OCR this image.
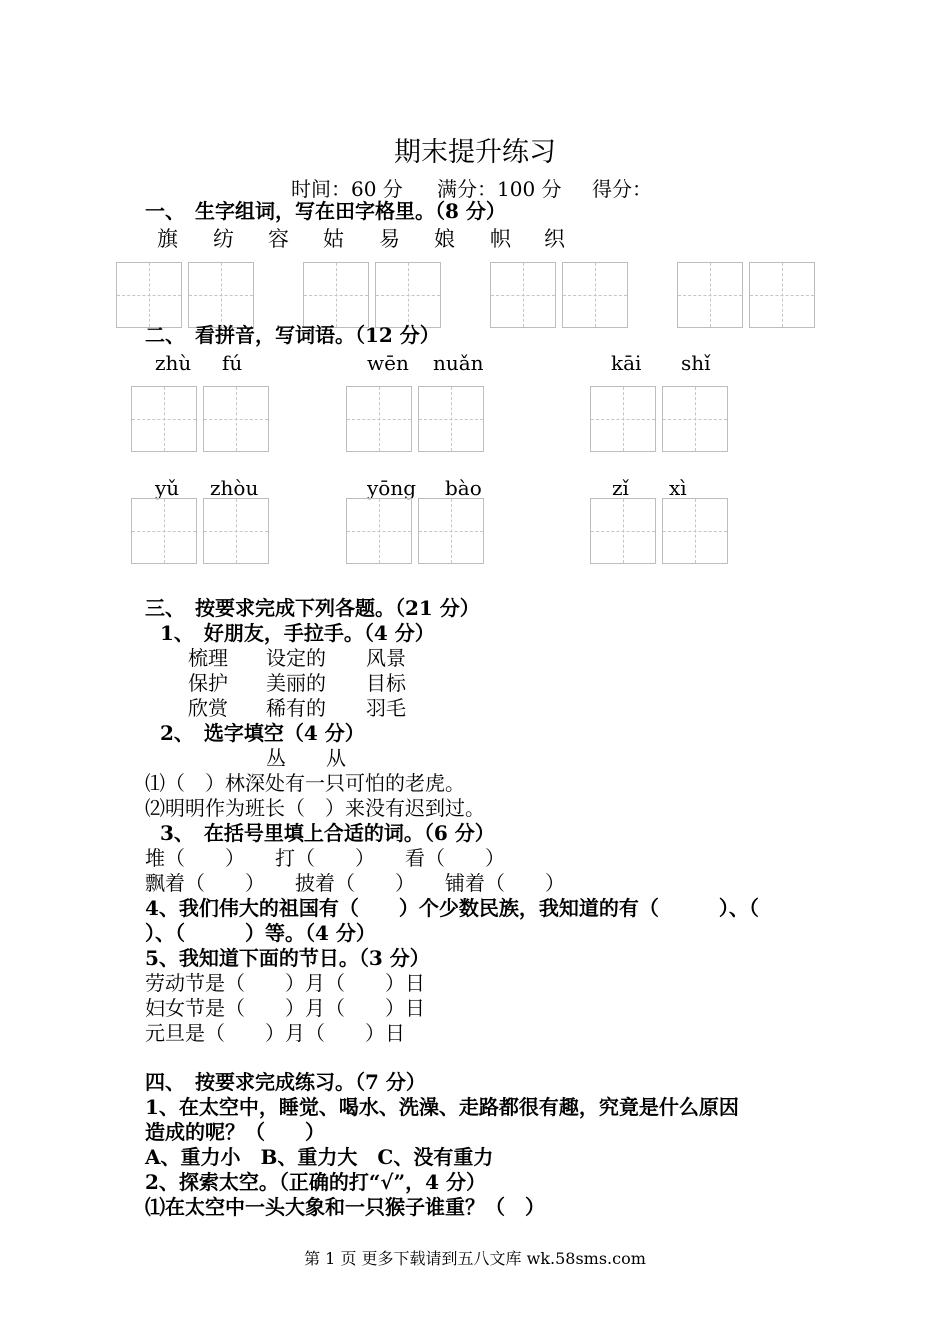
期末提升练习
时间：60 分 满分：100 分 得分：
一、　生字组词，写在田字格里。（8 分）
旗 纺 容 姑 易 娘 帜 织
二、　看拼音，写词语。（12 分）
zhù fú	wēn nuǎn	kāi shǐ
yǔ zhòu	yōng bào	zǐ xì
三、　按要求完成下列各题。（21 分）
1、　好朋友，手拉手。（4 分）
梳理 设定的 风景
保护 美丽的 目标
欣赏 稀有的 羽毛
2、　选字填空（4 分）
丛　　从
⑴（　）林深处有一只可怕的老虎。
⑵明明作为班长（　）来没有迟到过。
3、　在括号里填上合适的词。（6 分）
堆（　　）　　打（　　）　　看（　　）
飘着（　　）　　披着（　　）　　铺着（　　）
4、我们伟大的祖国有（　　）个少数民族，我知道的有（　　　）、（
）、（　　　）等。（4 分）
5、我知道下面的节日。（3 分）
劳动节是（　　）月（　　）日
妇女节是（　　）月（　　）日
元旦是（　　）月（　　）日
四、　按要求完成练习。（7 分）
1、在太空中，睡觉、喝水、洗澡、走路都很有趣，究竟是什么原因
造成的呢？（　　）
A、重力小　B、重力大　C、没有重力
2、探索太空。（正确的打“√”，4 分）
⑴在太空中一头大象和一只猴子谁重？（　）
第 1 页 更多下载请到五八文库 wk.58sms.com
